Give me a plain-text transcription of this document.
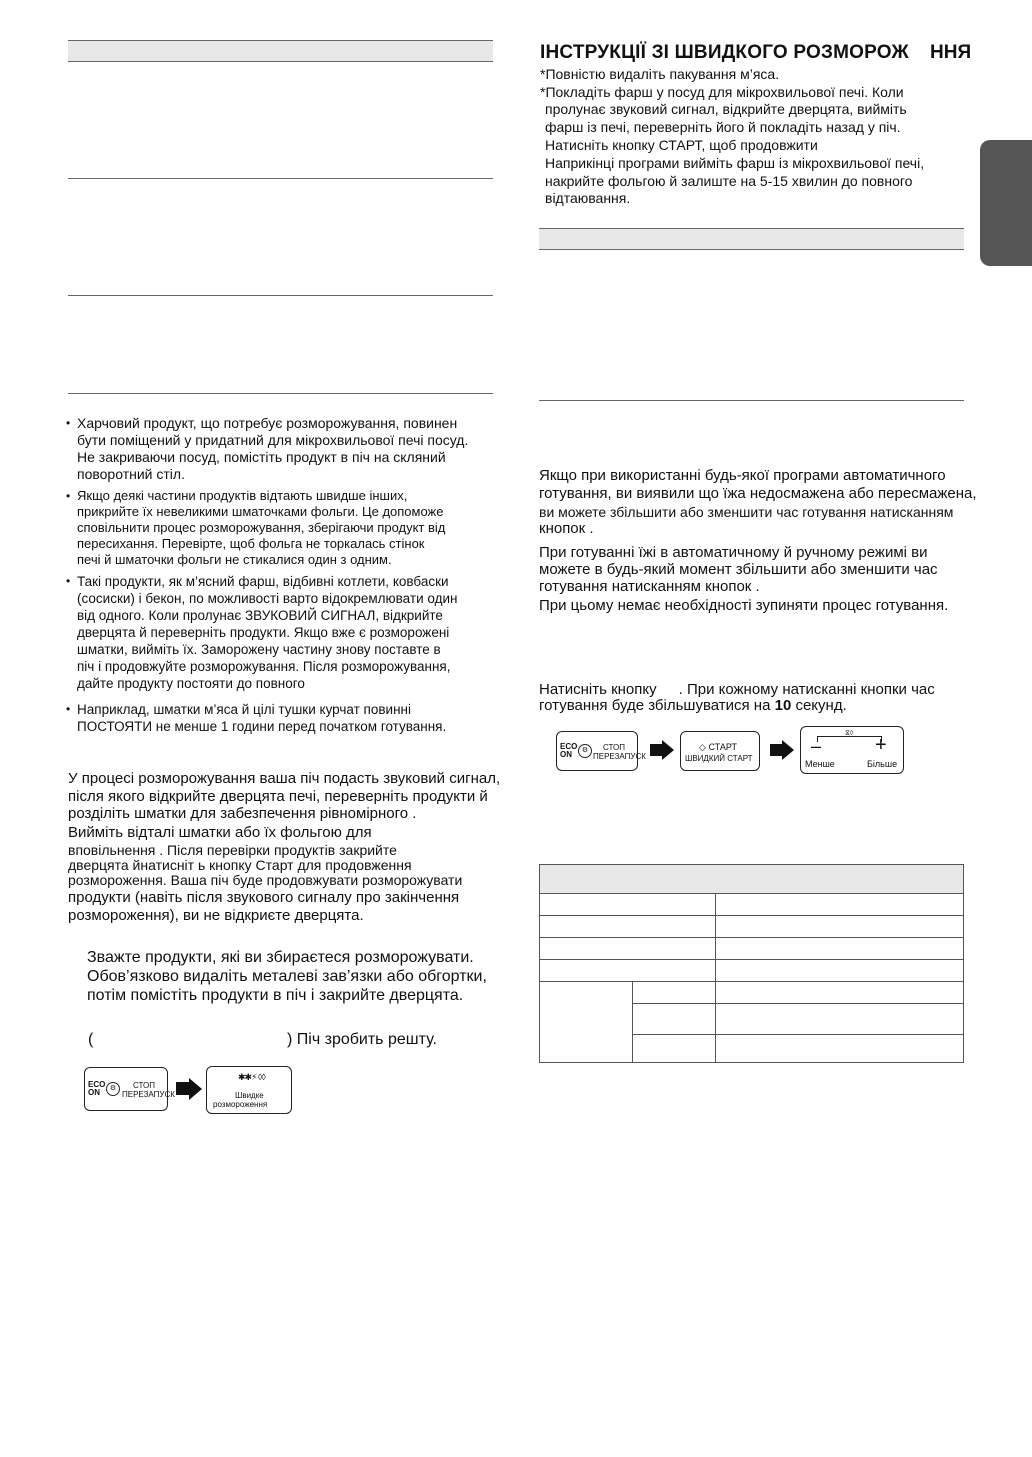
ІНСТРУКЦІЇ ЗІ ШВИДКОГО РОЗМОРОЖ ННЯ

*Повністю видаліть пакування м’яса.

*Покладіть фарш у посуд для мікрохвильової печі. Коли

пролунає звуковий сигнал, відкрийте дверцята, вийміть

фарш із печі, переверніть його й покладіть назад у піч.

Натисніть кнопку СТАРТ, щоб продовжити

Наприкінці програми вийміть фарш із мікрохвильової печі,

накрийте фольгою й залиште на 5-15 хвилин до повного

відтаювання.

Якщо при використанні будь-якої програми автоматичного

готування, ви виявили що їжа недосмажена або пересмажена,

ви можете збільшити або зменшити час готування натисканням

кнопок .

При готуванні їжі в автоматичному й ручному режимі ви

можете в будь-який момент збільшити або зменшити час

готування натисканням кнопок .

При цьому немає необхідності зупиняти процес готування.

Натисніть кнопку . При кожному натисканні кнопки час

готування буде збільшуватися на 10 секунд.

ECO
ON	⚙	СТОП
ПЕРЕЗАПУСК
◇ СТАРТ
ШВИДКИЙ СТАРТ
⧖◊
–	+
Менше	Більше

• Харчовий продукт, що потребує розморожування, повинен
бути поміщений у придатний для мікрохвильової печі посуд.
Не закриваючи посуд, помістіть продукт в піч на скляний
поворотний стіл.
• Якщо деякі частини продуктів відтають швидше інших,
прикрийте їх невеликими шматочками фольги. Це допоможе
сповільнити процес розморожування, зберігаючи продукт від
пересихання. Перевірте, щоб фольга не торкалась стінок
печі й шматочки фольги не стикалися один з одним.
• Такі продукти, як м’ясний фарш, відбивні котлети, ковбаски
(сосиски) і бекон, по можливості варто відокремлювати один
від одного. Коли пролунає ЗВУКОВИЙ СИГНАЛ, відкрийте
дверцята й переверніть продукти. Якщо вже є розморожені
шматки, вийміть їх. Заморожену частину знову поставте в
піч і продовжуйте розморожування. Після розморожування,
дайте продукту постояти до повного
• Наприклад, шматки м’яса й цілі тушки курчат повинні
ПОСТОЯТИ не менше 1 години перед початком готування.

У процесі розморожування ваша піч подасть звуковий сигнал,

після якого відкрийте дверцята печі, переверніть продукти й

розділіть шматки для забезпечення рівномірного .

Вийміть відталі шматки або їх фольгою для

вповільнення . Після перевірки продуктів закрийте

дверцята йнатисніт ь кнопку Старт для продовження

розмороження. Ваша піч буде продовжувати розморожувати

продукти (навіть після звукового сигналу про закінчення

розмороження), ви не відкриєте дверцята.

Зважте продукти, які ви збираєтеся розморожувати.

Обов’язково видаліть металеві зав’язки або обгортки,

потім помістіть продукти в піч і закрийте дверцята.

(	) Піч зробить решту.

ECO
ON	⚙	СТОП
ПЕРЕЗАПУСК
✱✱⚡ ◊◊
Швидке
розмороження
